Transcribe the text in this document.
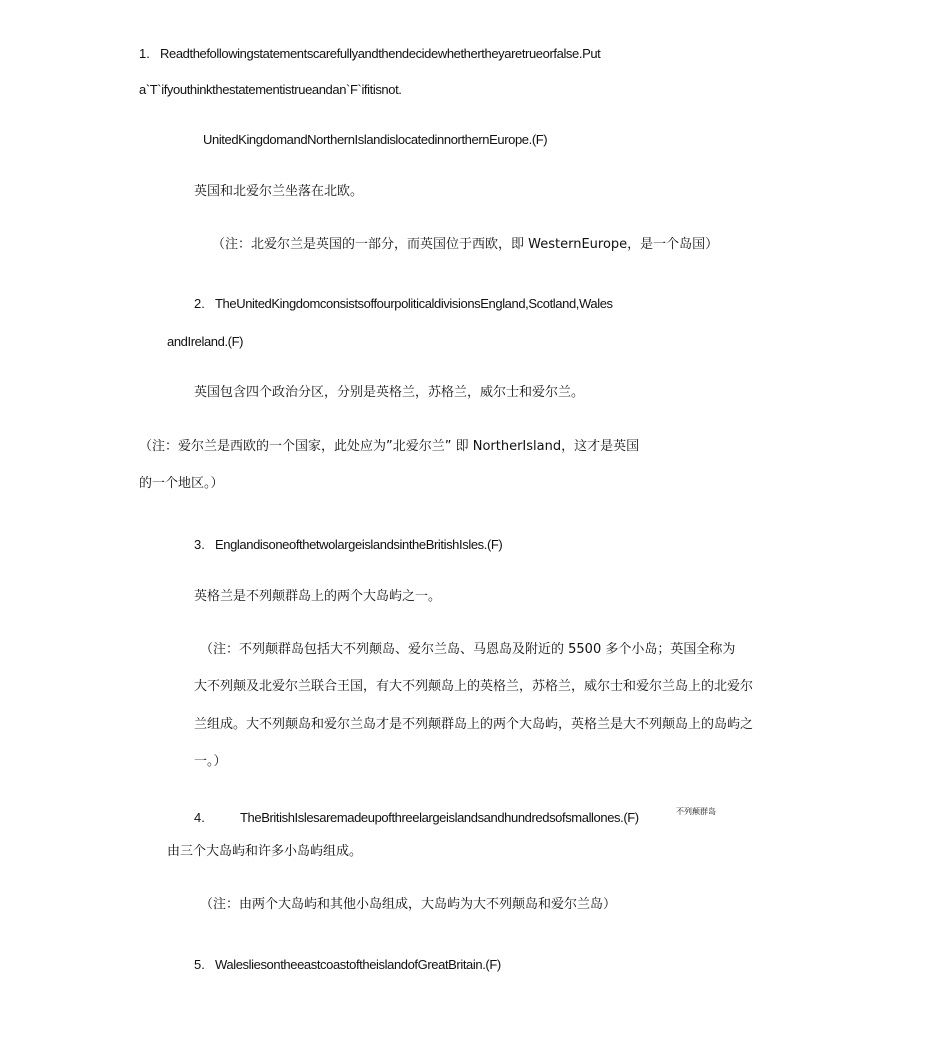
1. Readthefollowingstatementscarefullyandthendecidewhethertheyaretrueorfalse.Put
a`T`ifyouthinkthestatementistrueandan`F`ifitisnot.
UnitedKingdomandNorthernIslandislocatedinnorthernEurope.(F)
英国和北爱尔兰坐落在北欧。
（注：北爱尔兰是英国的一部分，而英国位于西欧，即 WesternEurope，是一个岛国）
2. TheUnitedKingdomconsistsoffourpoliticaldivisionsEngland,Scotland,Wales
andIreland.(F)
英国包含四个政治分区，分别是英格兰，苏格兰，威尔士和爱尔兰。
（注：爱尔兰是西欧的一个国家，此处应为”北爱尔兰” 即 NortherIsland，这才是英国
的一个地区。）
3. EnglandisoneofthetwolargeislandsintheBritishIsles.(F)
英格兰是不列颠群岛上的两个大岛屿之一。
（注：不列颠群岛包括大不列颠岛、爱尔兰岛、马恩岛及附近的 5500 多个小岛；英国全称为
大不列颠及北爱尔兰联合王国，有大不列颠岛上的英格兰，苏格兰，威尔士和爱尔兰岛上的北爱尔
兰组成。大不列颠岛和爱尔兰岛才是不列颠群岛上的两个大岛屿，英格兰是大不列颠岛上的岛屿之
一。）
4.	TheBritishIslesaremadeupofthreelargeislandsandhundredsofsmallones.(F)	不列颠群岛
由三个大岛屿和许多小岛屿组成。
（注：由两个大岛屿和其他小岛组成，大岛屿为大不列颠岛和爱尔兰岛）
5. WalesliesontheeastcoastoftheislandofGreatBritain.(F)
